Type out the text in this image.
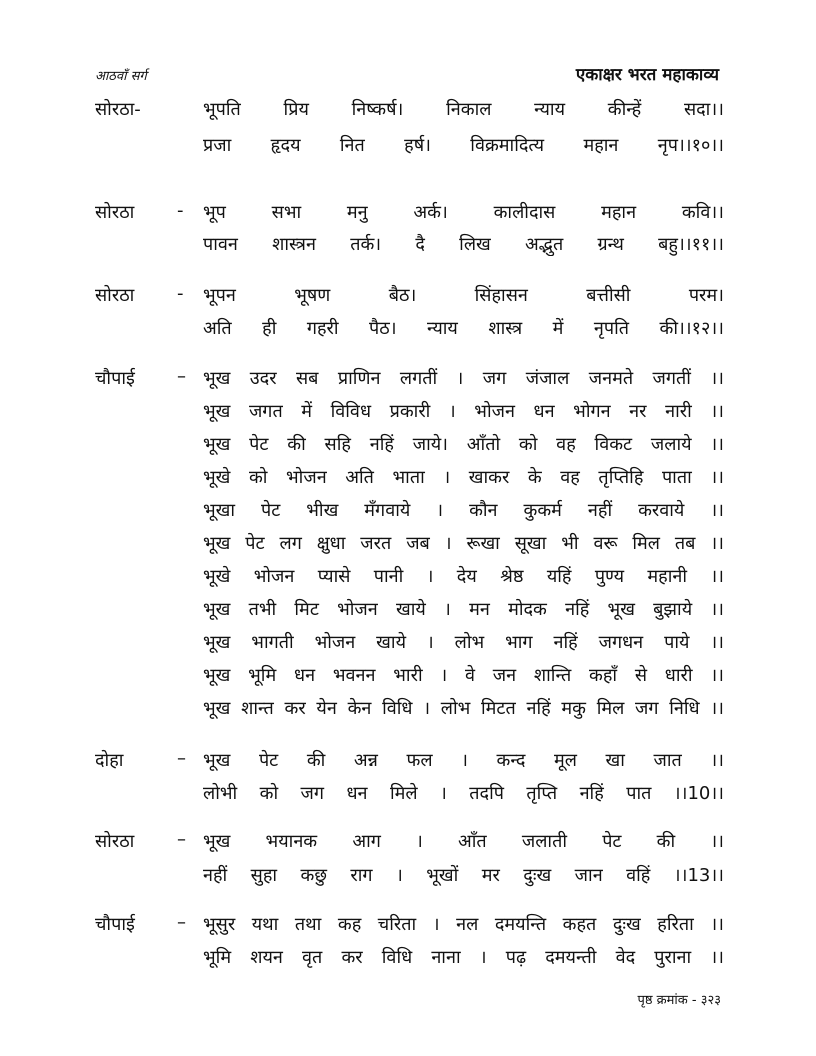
आठवाँ सर्ग	एकाक्षर भरत महाकाव्य
सोरठा-	भूपति प्रिय निष्कर्ष। निकाल न्याय कीन्हें सदा।।
प्रजा हृदय नित हर्ष। विक्रमादित्य महान नृप।।१०।।
सोरठा - भूप सभा मनु अर्क। कालीदास महान कवि।।
पावन शास्त्रन तर्क। दै लिख अद्भुत ग्रन्थ बहु।।११।।
सोरठा - भूपन भूषण बैठ। सिंहासन बत्तीसी परम।
अति ही गहरी पैठ। न्याय शास्त्र में नृपति की।।१२।।
चौपाई – भूख उदर सब प्राणिन लगतीं । जग जंजाल जनमते जगतीं ।।
भूख जगत में विविध प्रकारी । भोजन धन भोगन नर नारी ।।
भूख पेट की सहि नहिं जाये। आँतो को वह विकट जलाये ।।
भूखे को भोजन अति भाता । खाकर के वह तृप्तिहि पाता ।।
भूखा पेट भीख मँगवाये । कौन कुकर्म नहीं करवाये ।।
भूख पेट लग क्षुधा जरत जब । रूखा सूखा भी वरू मिल तब ।।
भूखे भोजन प्यासे पानी । देय श्रेष्ठ यहिं पुण्य महानी ।।
भूख तभी मिट भोजन खाये । मन मोदक नहिं भूख बुझाये ।।
भूख भागती भोजन खाये । लोभ भाग नहिं जगधन पाये ।।
भूख भूमि धन भवनन भारी । वे जन शान्ति कहाँ से धारी ।।
भूख शान्त कर येन केन विधि । लोभ मिटत नहिं मकु मिल जग निधि ।।
दोहा	– भूख पेट की अन्न फल । कन्द मूल खा जात ।।
लोभी को जग धन मिले । तदपि तृप्ति नहिं पात ।।10।।
सोरठा – भूख भयानक आग । आँत जलाती पेट की ।।
नहीं सुहा कछु राग । भूखों मर दुःख जान वहिं ।।13।।
चौपाई – भूसुर यथा तथा कह चरिता । नल दमयन्ति कहत दुःख हरिता ।।
भूमि शयन वृत कर विधि नाना । पढ़ दमयन्ती वेद पुराना ।।
पृष्ठ क्रमांक - ३२३
